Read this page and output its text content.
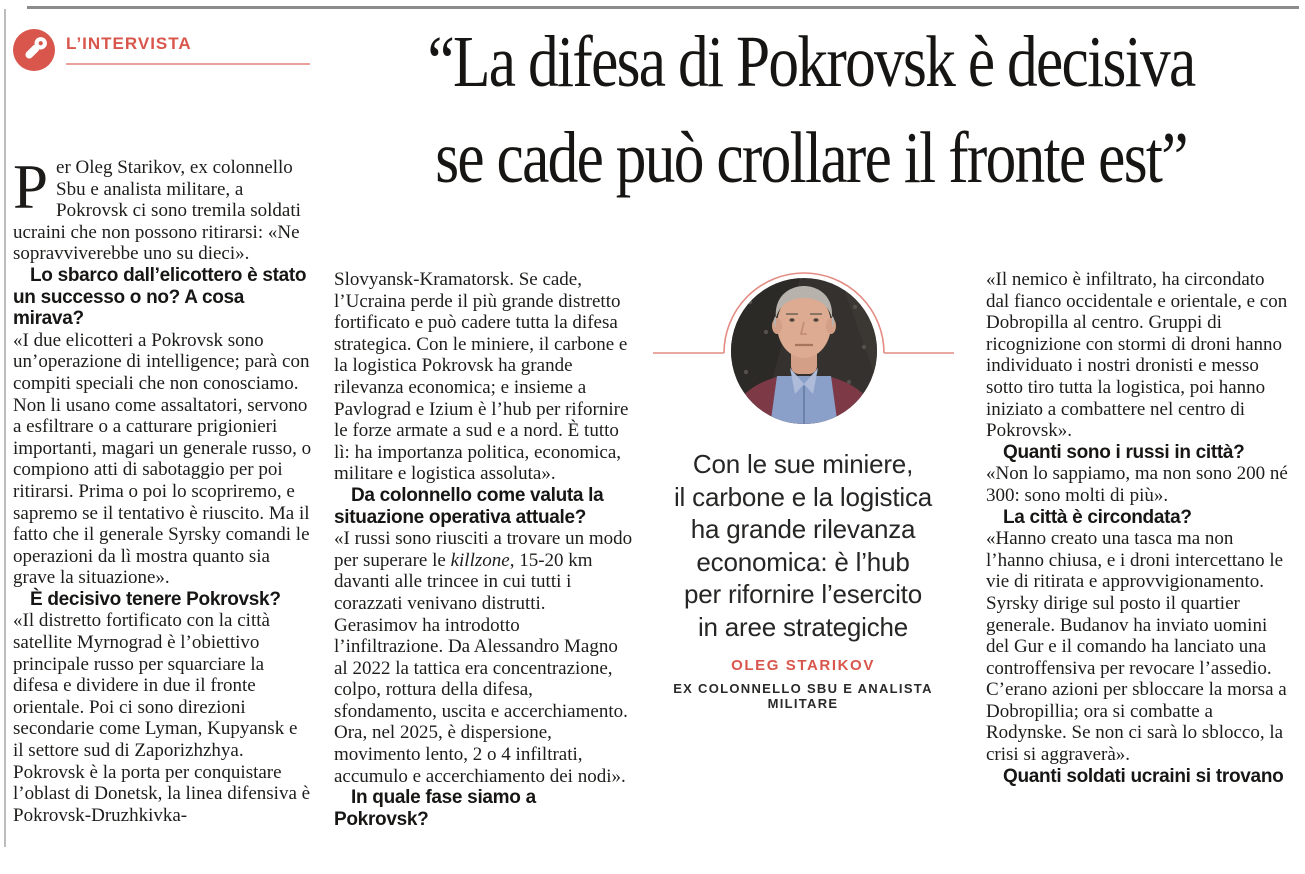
L’INTERVISTA	“La difesa di Pokrovsk è decisiva
se cade può crollare il fronte est”

Per Oleg Starikov, ex colonnello Sbu e analista militare, a Pokrovsk ci sono tremila soldati ucraini che non possono ritirarsi: «Ne sopravviverebbe uno su dieci».

Lo sbarco dall’elicottero è stato un successo o no? A cosa mirava?

«I due elicotteri a Pokrovsk sono un’operazione di intelligence; parà con compiti speciali che non conosciamo. Non li usano come assaltatori, servono a esfiltrare o a catturare prigionieri importanti, magari un generale russo, o compiono atti di sabotaggio per poi ritirarsi. Prima o poi lo scopriremo, e sapremo se il tentativo è riuscito. Ma il fatto che il generale Syrsky comandi le operazioni da lì mostra quanto sia grave la situazione».

È decisivo tenere Pokrovsk?

«Il distretto fortificato con la città satellite Myrnograd è l’obiettivo principale russo per squarciare la difesa e dividere in due il fronte orientale. Poi ci sono direzioni secondarie come Lyman, Kupyansk e il settore sud di Zaporizhzhya. Pokrovsk è la porta per conquistare l’oblast di Donetsk, la linea difensiva è Pokrovsk-Druzhkivka-

Slovyansk-Kramatorsk. Se cade, l’Ucraina perde il più grande distretto fortificato e può cadere tutta la difesa strategica. Con le miniere, il carbone e la logistica Pokrovsk ha grande rilevanza economica; e insieme a Pavlograd e Izium è l’hub per rifornire le forze armate a sud e a nord. È tutto lì: ha importanza politica, economica, militare e logistica assoluta».

Da colonnello come valuta la situazione operativa attuale?

«I russi sono riusciti a trovare un modo per superare le killzone, 15-20 km davanti alle trincee in cui tutti i corazzati venivano distrutti. Gerasimov ha introdotto l’infiltrazione. Da Alessandro Magno al 2022 la tattica era concentrazione, colpo, rottura della difesa, sfondamento, uscita e accerchiamento. Ora, nel 2025, è dispersione, movimento lento, 2 o 4 infiltrati, accumulo e accerchiamento dei nodi».

In quale fase siamo a Pokrovsk?

Con le sue miniere,
il carbone e la logistica
ha grande rilevanza
economica: è l’hub
per rifornire l’esercito
in aree strategiche
OLEG STARIKOV
EX COLONNELLO SBU E ANALISTA MILITARE

«Il nemico è infiltrato, ha circondato dal fianco occidentale e orientale, e con Dobropilla al centro. Gruppi di ricognizione con stormi di droni hanno individuato i nostri dronisti e messo sotto tiro tutta la logistica, poi hanno iniziato a combattere nel centro di Pokrovsk».

Quanti sono i russi in città?

«Non lo sappiamo, ma non sono 200 né 300: sono molti di più».

La città è circondata?

«Hanno creato una tasca ma non l’hanno chiusa, e i droni intercettano le vie di ritirata e approvvigionamento. Syrsky dirige sul posto il quartier generale. Budanov ha inviato uomini del Gur e il comando ha lanciato una controffensiva per revocare l’assedio. C’erano azioni per sbloccare la morsa a Dobropillia; ora si combatte a Rodynske. Se non ci sarà lo sblocco, la crisi si aggraverà».

Quanti soldati ucraini si trovano
